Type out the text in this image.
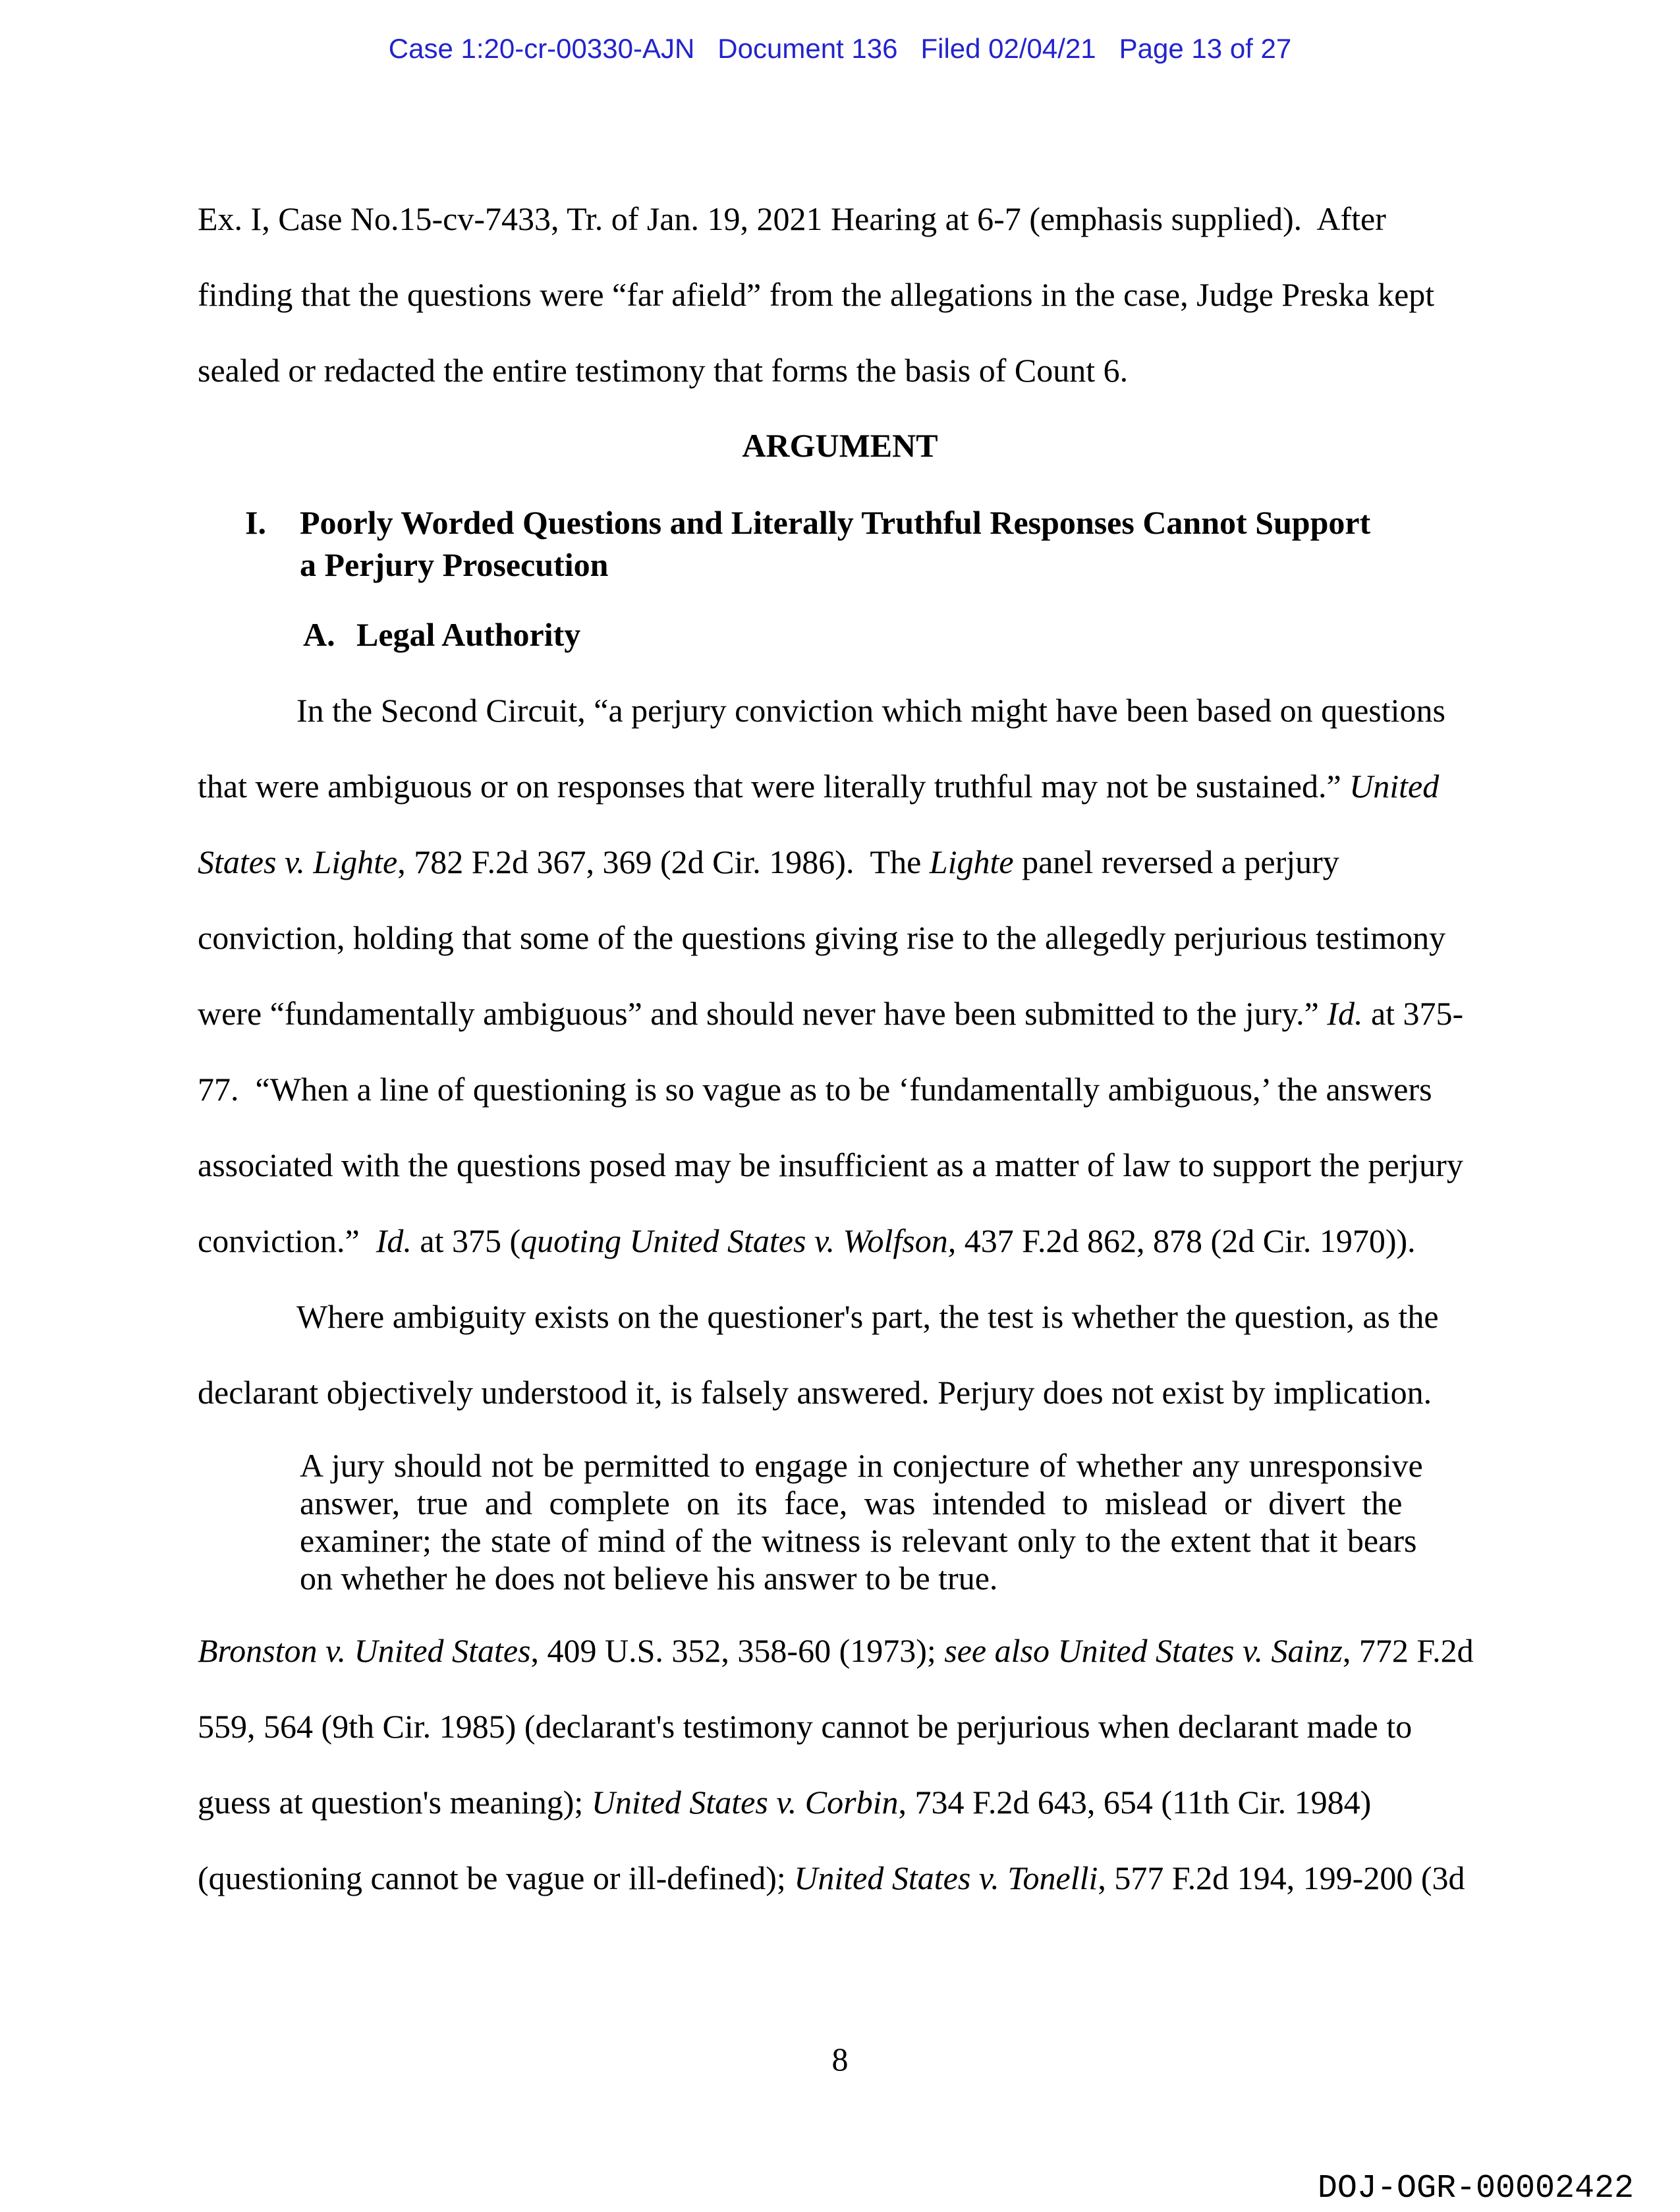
Case 1:20-cr-00330-AJN   Document 136   Filed 02/04/21   Page 13 of 27
Ex. I, Case No.15-cv-7433, Tr. of Jan. 19, 2021 Hearing at 6-7 (emphasis supplied).  After
finding that the questions were “far afield” from the allegations in the case, Judge Preska kept
sealed or redacted the entire testimony that forms the basis of Count 6.
ARGUMENT
I. Poorly Worded Questions and Literally Truthful Responses Cannot Support
a Perjury Prosecution
A. Legal Authority
In the Second Circuit, “a perjury conviction which might have been based on questions
that were ambiguous or on responses that were literally truthful may not be sustained.” United
States v. Lighte, 782 F.2d 367, 369 (2d Cir. 1986).  The Lighte panel reversed a perjury
conviction, holding that some of the questions giving rise to the allegedly perjurious testimony
were “fundamentally ambiguous” and should never have been submitted to the jury.” Id. at 375-
77.  “When a line of questioning is so vague as to be ‘fundamentally ambiguous,’ the answers
associated with the questions posed may be insufficient as a matter of law to support the perjury
conviction.”  Id. at 375 (quoting United States v. Wolfson, 437 F.2d 862, 878 (2d Cir. 1970)).
Where ambiguity exists on the questioner's part, the test is whether the question, as the
declarant objectively understood it, is falsely answered. Perjury does not exist by implication.
A jury should not be permitted to engage in conjecture of whether any unresponsive
answer, true and complete on its face, was intended to mislead or divert the
examiner; the state of mind of the witness is relevant only to the extent that it bears
on whether he does not believe his answer to be true.
Bronston v. United States, 409 U.S. 352, 358-60 (1973); see also United States v. Sainz, 772 F.2d
559, 564 (9th Cir. 1985) (declarant's testimony cannot be perjurious when declarant made to
guess at question's meaning); United States v. Corbin, 734 F.2d 643, 654 (11th Cir. 1984)
(questioning cannot be vague or ill-defined); United States v. Tonelli, 577 F.2d 194, 199-200 (3d
8
DOJ-OGR-00002422
